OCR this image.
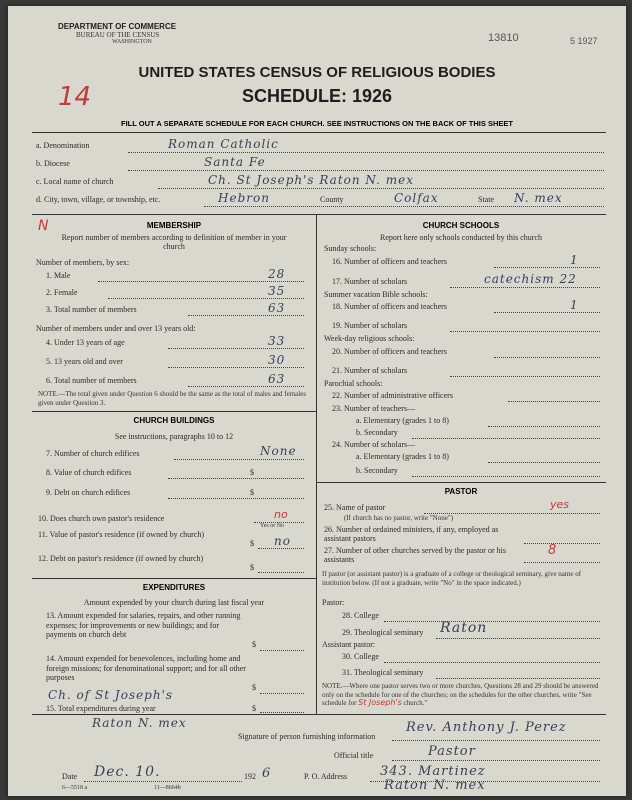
DEPARTMENT OF COMMERCE
BUREAU OF THE CENSUS
WASHINGTON	13810	5 1927
14
UNITED STATES CENSUS OF RELIGIOUS BODIES
SCHEDULE: 1926
FILL OUT A SEPARATE SCHEDULE FOR EACH CHURCH. SEE INSTRUCTIONS ON THE BACK OF THIS SHEET
a. Denomination	Roman Catholic
b. Diocese	Santa Fe
c. Local name of church	Ch. St Joseph's Raton N. mex
d. City, town, village, or township, etc.	Hebron	County	Colfax	State N. mex
N	MEMBERSHIP
Report number of members according to definition of member in your church
Number of members, by sex:
1. Male	28
2. Female	35
3. Total number of members	63
Number of members under and over 13 years old:
4. Under 13 years of age	33
5. 13 years old and over	30
6. Total number of members	63
NOTE.—The total given under Question 6 should be the same as the total of males and females given under Question 3.
CHURCH BUILDINGS
See instructions, paragraphs 10 to 12
7. Number of church edifices	None
8. Value of church edifices	$
9. Debt on church edifices	$
10. Does church own pastor's residence	no
Yes or No
11. Value of pastor's residence (if owned by church)
$ no
12. Debt on pastor's residence (if owned by church)
$
EXPENDITURES
Amount expended by your church during last fiscal year
13. Amount expended for salaries, repairs, and other running expenses; for improvements or new buildings; and for payments on church debt
$
14. Amount expended for benevolences, including home and foreign missions; for denominational support; and for all other purposes
$
Ch. of St Joseph's
15. Total expenditures during year	$
CHURCH SCHOOLS
Report here only schools conducted by this church
Sunday schools:
16. Number of officers and teachers	1
17. Number of scholars	catechism 22
Summer vacation Bible schools:
18. Number of officers and teachers	1
19. Number of scholars
Week-day religious schools:
20. Number of officers and teachers
21. Number of scholars
Parochial schools:
22. Number of administrative officers
23. Number of teachers—
a. Elementary (grades 1 to 8)
b. Secondary
24. Number of scholars—
a. Elementary (grades 1 to 8)
b. Secondary
PASTOR
25. Name of pastor	yes
(If church has no pastor, write "None")
26. Number of ordained ministers, if any, employed as assistant pastors
27. Number of other churches served by the pastor or his assistants
8
If pastor (or assistant pastor) is a graduate of a college or theological seminary, give name of institution below. (If not a graduate, write "No" in the space indicated.)
Pastor:
28. College
29. Theological seminary Raton
Assistant pastor:
30. College
31. Theological seminary
NOTE.—Where one pastor serves two or more churches, Questions 28 and 29 should be answered only on the schedule for one of the churches; on the schedules for the other churches, write "See schedule for St Joseph's church."
Raton N. mex
Signature of person furnishing information
Rev. Anthony J. Perez
Official title	Pastor
Date Dec. 10.	192 6	P. O. Address	343. Martinez
Raton N. mex
6—5518 a	11—8664b
